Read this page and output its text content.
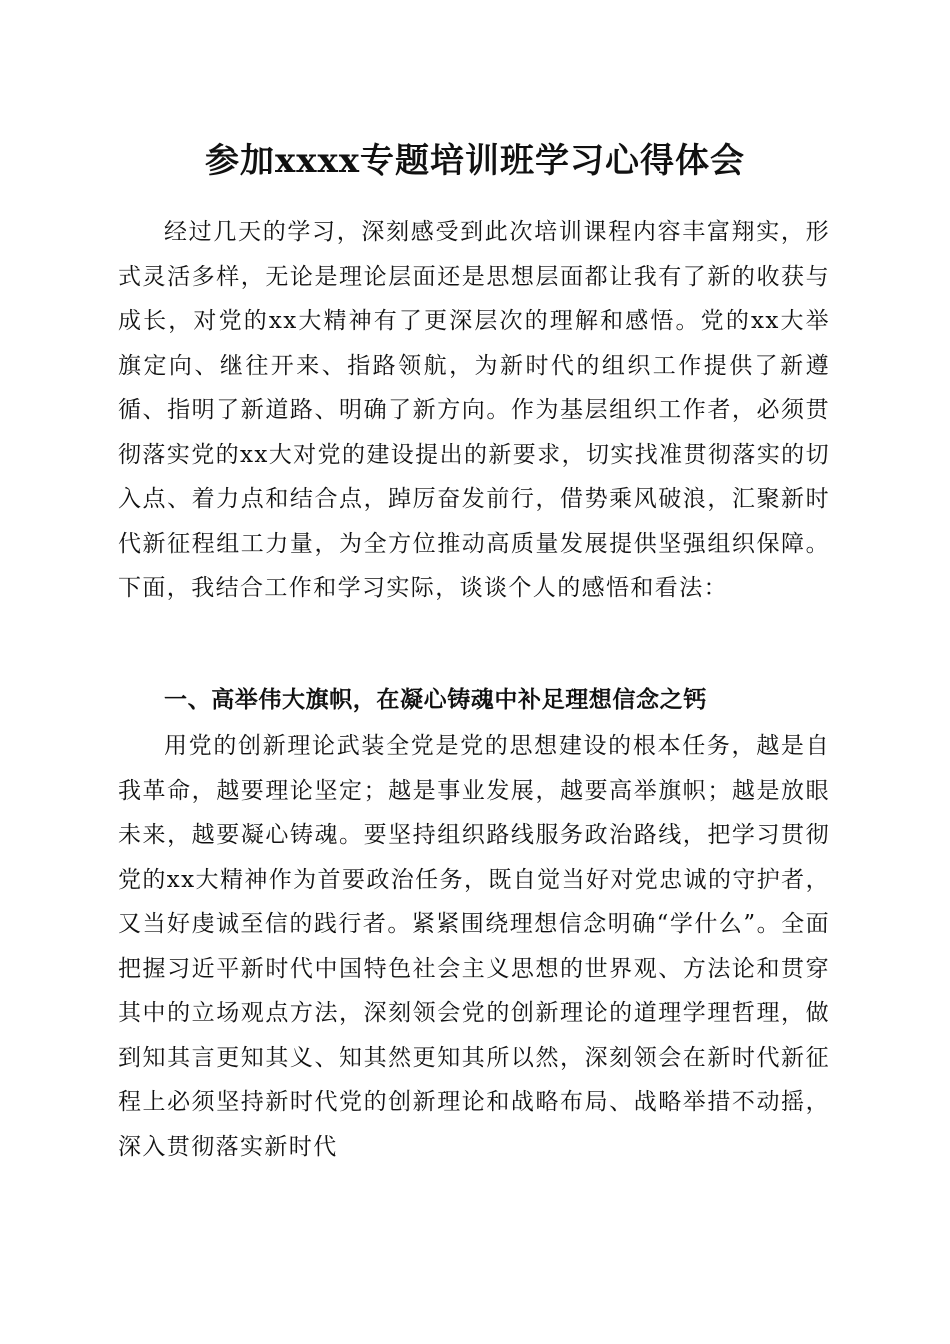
参加xxxx专题培训班学习心得体会

经过几天的学习，深刻感受到此次培训课程内容丰富翔实，形式灵活多样，无论是理论层面还是思想层面都让我有了新的收获与成长，对党的xx大精神有了更深层次的理解和感悟。党的xx大举旗定向、继往开来、指路领航，为新时代的组织工作提供了新遵循、指明了新道路、明确了新方向。作为基层组织工作者，必须贯彻落实党的xx大对党的建设提出的新要求，切实找准贯彻落实的切入点、着力点和结合点，踔厉奋发前行，借势乘风破浪，汇聚新时代新征程组工力量，为全方位推动高质量发展提供坚强组织保障。下面，我结合工作和学习实际，谈谈个人的感悟和看法：

一、高举伟大旗帜，在凝心铸魂中补足理想信念之钙

用党的创新理论武装全党是党的思想建设的根本任务，越是自我革命，越要理论坚定；越是事业发展，越要高举旗帜；越是放眼未来，越要凝心铸魂。要坚持组织路线服务政治路线，把学习贯彻党的xx大精神作为首要政治任务，既自觉当好对党忠诚的守护者，又当好虔诚至信的践行者。紧紧围绕理想信念明确“学什么”。全面把握习近平新时代中国特色社会主义思想的世界观、方法论和贯穿其中的立场观点方法，深刻领会党的创新理论的道理学理哲理，做到知其言更知其义、知其然更知其所以然，深刻领会在新时代新征程上必须坚持新时代党的创新理论和战略布局、战略举措不动摇，深入贯彻落实新时代
